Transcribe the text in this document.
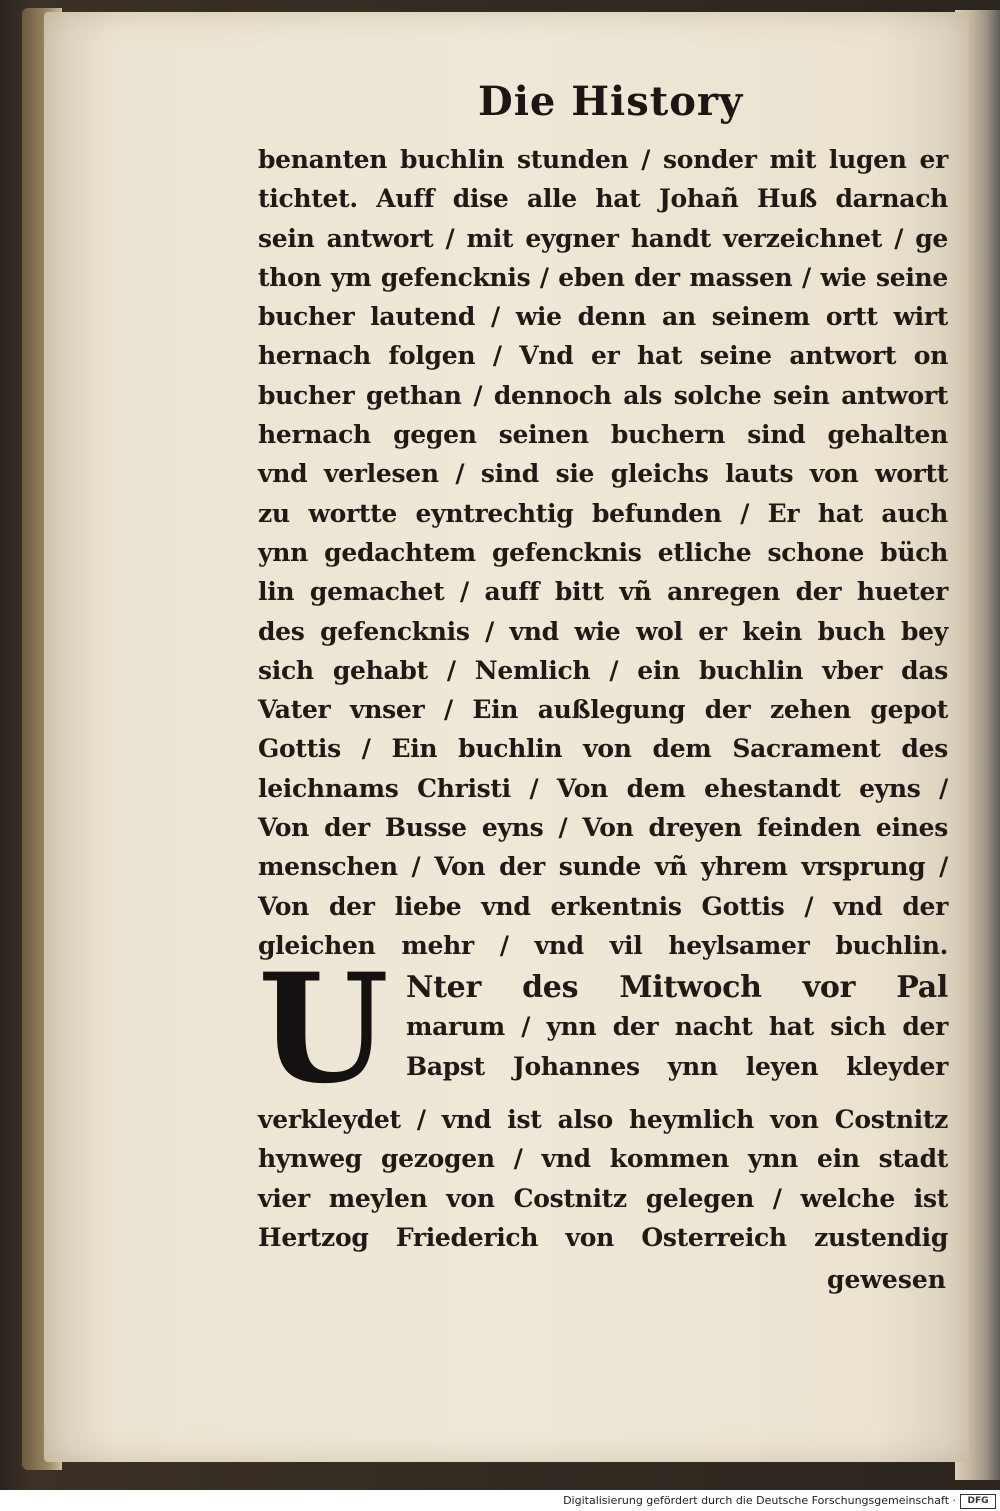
Die History
benanten buchlin stunden / sonder mit lugen er
tichtet. Auff dise alle hat Johañ Huß darnach
sein antwort / mit eygner handt verzeichnet / ge
thon ym gefencknis / eben der massen / wie seine
bucher lautend / wie denn an seinem ortt wirt
hernach folgen / Vnd er hat seine antwort on
bucher gethan / dennoch als solche sein antwort
hernach gegen seinen buchern sind gehalten
vnd verlesen / sind sie gleichs lauts von wortt
zu wortte eyntrechtig befunden / Er hat auch
ynn gedachtem gefencknis etliche schone büch
lin gemachet / auff bitt vñ anregen der hueter
des gefencknis / vnd wie wol er kein buch bey
sich gehabt / Nemlich / ein buchlin vber das
Vater vnser / Ein außlegung der zehen gepot
Gottis / Ein buchlin von dem Sacrament des
leichnams Christi / Von dem ehestandt eyns /
Von der Busse eyns / Von dreyen feinden eines
menschen / Von der sunde vñ yhrem vrsprung /
Von der liebe vnd erkentnis Gottis / vnd der
gleichen mehr / vnd vil heylsamer buchlin.
U Nter des Mitwoch vor Pal
marum / ynn der nacht hat sich der
Bapst Johannes ynn leyen kleyder
verkleydet / vnd ist also heymlich von Costnitz
hynweg gezogen / vnd kommen ynn ein stadt
vier meylen von Costnitz gelegen / welche ist
Hertzog Friederich von Osterreich zustendig
gewesen
Digitalisierung gefördert durch die Deutsche Forschungsgemeinschaft ·	DFG
